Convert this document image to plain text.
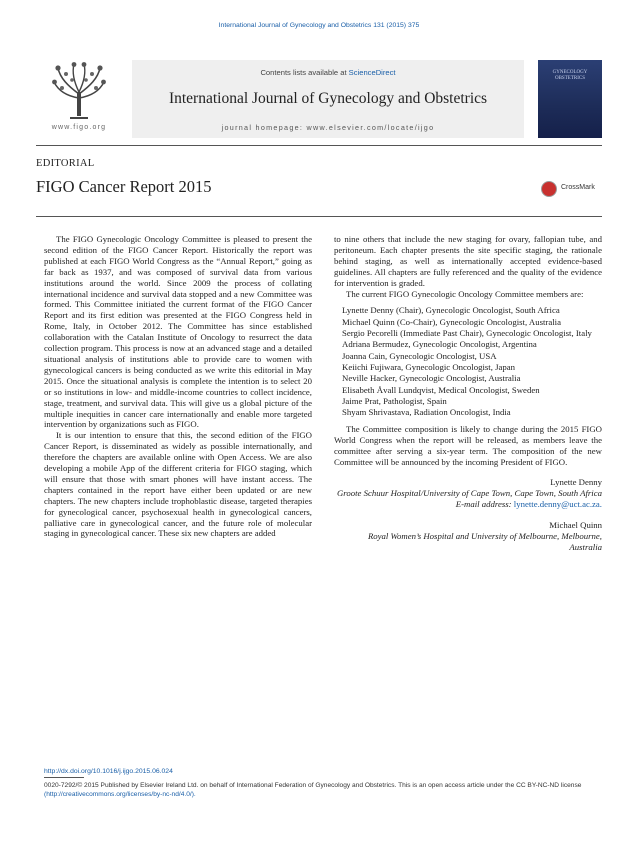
International Journal of Gynecology and Obstetrics 131 (2015) 375
www.figo.org
Contents lists available at ScienceDirect
International Journal of Gynecology and Obstetrics
journal homepage: www.elsevier.com/locate/ijgo
GYNECOLOGY OBSTETRICS
EDITORIAL
FIGO Cancer Report 2015	CrossMark

The FIGO Gynecologic Oncology Committee is pleased to present the second edition of the FIGO Cancer Report. Historically the report was published at each FIGO World Congress as the “Annual Report,” going as far back as 1937, and was composed of survival data from various institutions around the world. Since 2009 the process of collating international incidence and survival data stopped and a new Committee was formed. This Committee initiated the current format of the FIGO Cancer Report and its first edition was presented at the FIGO Congress held in Rome, Italy, in October 2012. The Committee has since established collaboration with the Catalan Institute of Oncology to resurrect the data collection program. This process is now at an advanced stage and a detailed situational analysis of institutions able to provide care to women with gynecological cancers is being conducted as we write this editorial in May 2015. Once the situational analysis is complete the intention is to select 20 or so institutions in low- and middle-income countries to collect incidence, stage, treatment, and survival data. This will give us a global picture of the multiple inequities in cancer care internationally and enable more targeted intervention by organizations such as FIGO.

It is our intention to ensure that this, the second edition of the FIGO Cancer Report, is disseminated as widely as possible internationally, and therefore the chapters are available online with Open Access. We are also developing a mobile App of the different criteria for FIGO staging, which will ensure that those with smart phones will have instant access. The chapters contained in the report have either been updated or are new chapters. The new chapters include trophoblastic disease, targeted therapies for gynecological cancer, psychosexual health in gynecological cancers, palliative care in gynecological cancer, and the future role of molecular staging in gynecological cancer. These six new chapters are added

to nine others that include the new staging for ovary, fallopian tube, and peritoneum. Each chapter presents the site specific staging, the rationale behind staging, as well as internationally accepted evidence-based guidelines. All chapters are fully referenced and the quality of the evidence for intervention is graded.

The current FIGO Gynecologic Oncology Committee members are:

Lynette Denny (Chair), Gynecologic Oncologist, South Africa
Michael Quinn (Co-Chair), Gynecologic Oncologist, Australia
Sergio Pecorelli (Immediate Past Chair), Gynecologic Oncologist, Italy
Adriana Bermudez, Gynecologic Oncologist, Argentina
Joanna Cain, Gynecologic Oncologist, USA
Keiichi Fujiwara, Gynecologic Oncologist, Japan
Neville Hacker, Gynecologic Oncologist, Australia
Elisabeth Åvall Lundqvist, Medical Oncologist, Sweden
Jaime Prat, Pathologist, Spain
Shyam Shrivastava, Radiation Oncologist, India

The Committee composition is likely to change during the 2015 FIGO World Congress when the report will be released, as members leave the committee after serving a six-year term. The composition of the new Committee will be announced by the incoming President of FIGO.

Lynette Denny
Groote Schuur Hospital/University of Cape Town, Cape Town, South Africa
E-mail address: lynette.denny@uct.ac.za.
Michael Quinn
Royal Women’s Hospital and University of Melbourne, Melbourne, Australia
http://dx.doi.org/10.1016/j.ijgo.2015.06.024
0020-7292/© 2015 Published by Elsevier Ireland Ltd. on behalf of International Federation of Gynecology and Obstetrics. This is an open access article under the CC BY-NC-ND license (http://creativecommons.org/licenses/by-nc-nd/4.0/).
